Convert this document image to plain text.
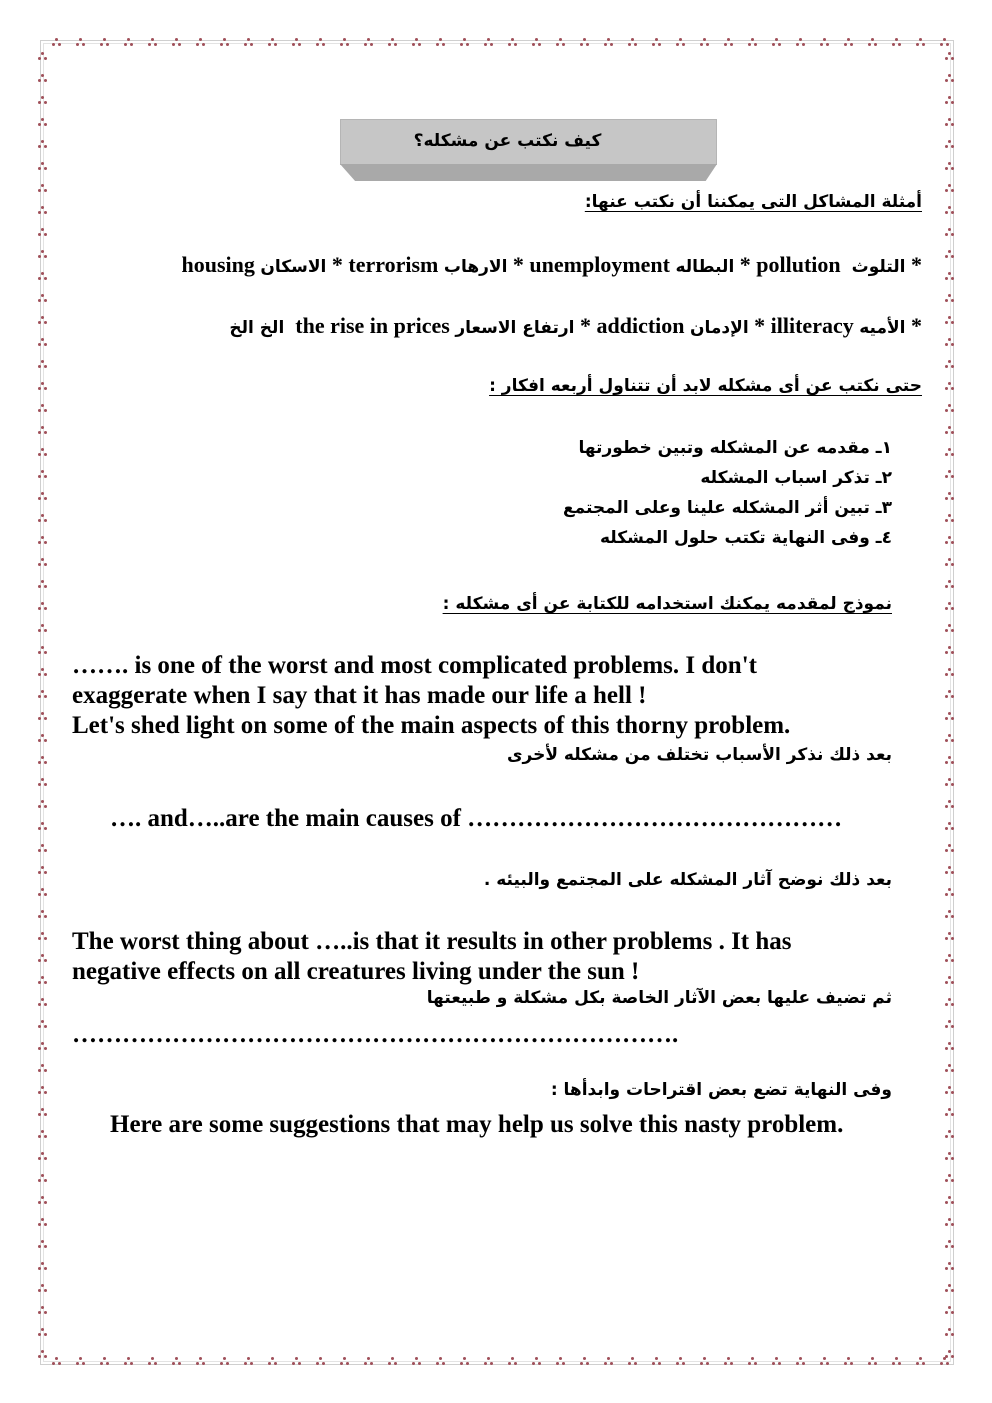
كيف نكتب عن مشكله؟
أمثلة المشاكل التى يمكننا أن نكتب عنها:
* التلوث  pollution * البطاله unemployment * الارهاب terrorism * الاسكان housing
* الأميه illiteracy * الإدمان addiction * ارتفاع الاسعار the rise in prices  الخ الخ
حتى نكتب عن أى مشكله لابد أن تتناول أربعه افكار :
١ـ مقدمه عن المشكله وتبين خطورتها
٢ـ تذكر اسباب المشكله
٣ـ تبين أثر المشكله علينا وعلى المجتمع
٤ـ وفى النهاية تكتب حلول المشكله
نموذج لمقدمه يمكنك استخدامه للكتابة عن أى مشكله :
……. is one of the worst and most complicated problems. I don't
exaggerate when I say that it has made our life a hell !
Let's shed light on some of the main aspects of this thorny problem.
بعد ذلك نذكر الأسباب تختلف من مشكله لأخرى
…. and…..are the main causes of ………………………………………
بعد ذلك نوضح آثار المشكله على المجتمع والبيئه .
The worst thing about …..is that it results in other problems . It has
negative effects on all creatures living under the sun !
ثم تضيف عليها بعض الآثار الخاصة بكل مشكلة و طبيعتها
……………………………………………………………….
وفى النهاية تضع بعض اقتراحات وابدأها :
Here are some suggestions that may help us solve this nasty problem.
